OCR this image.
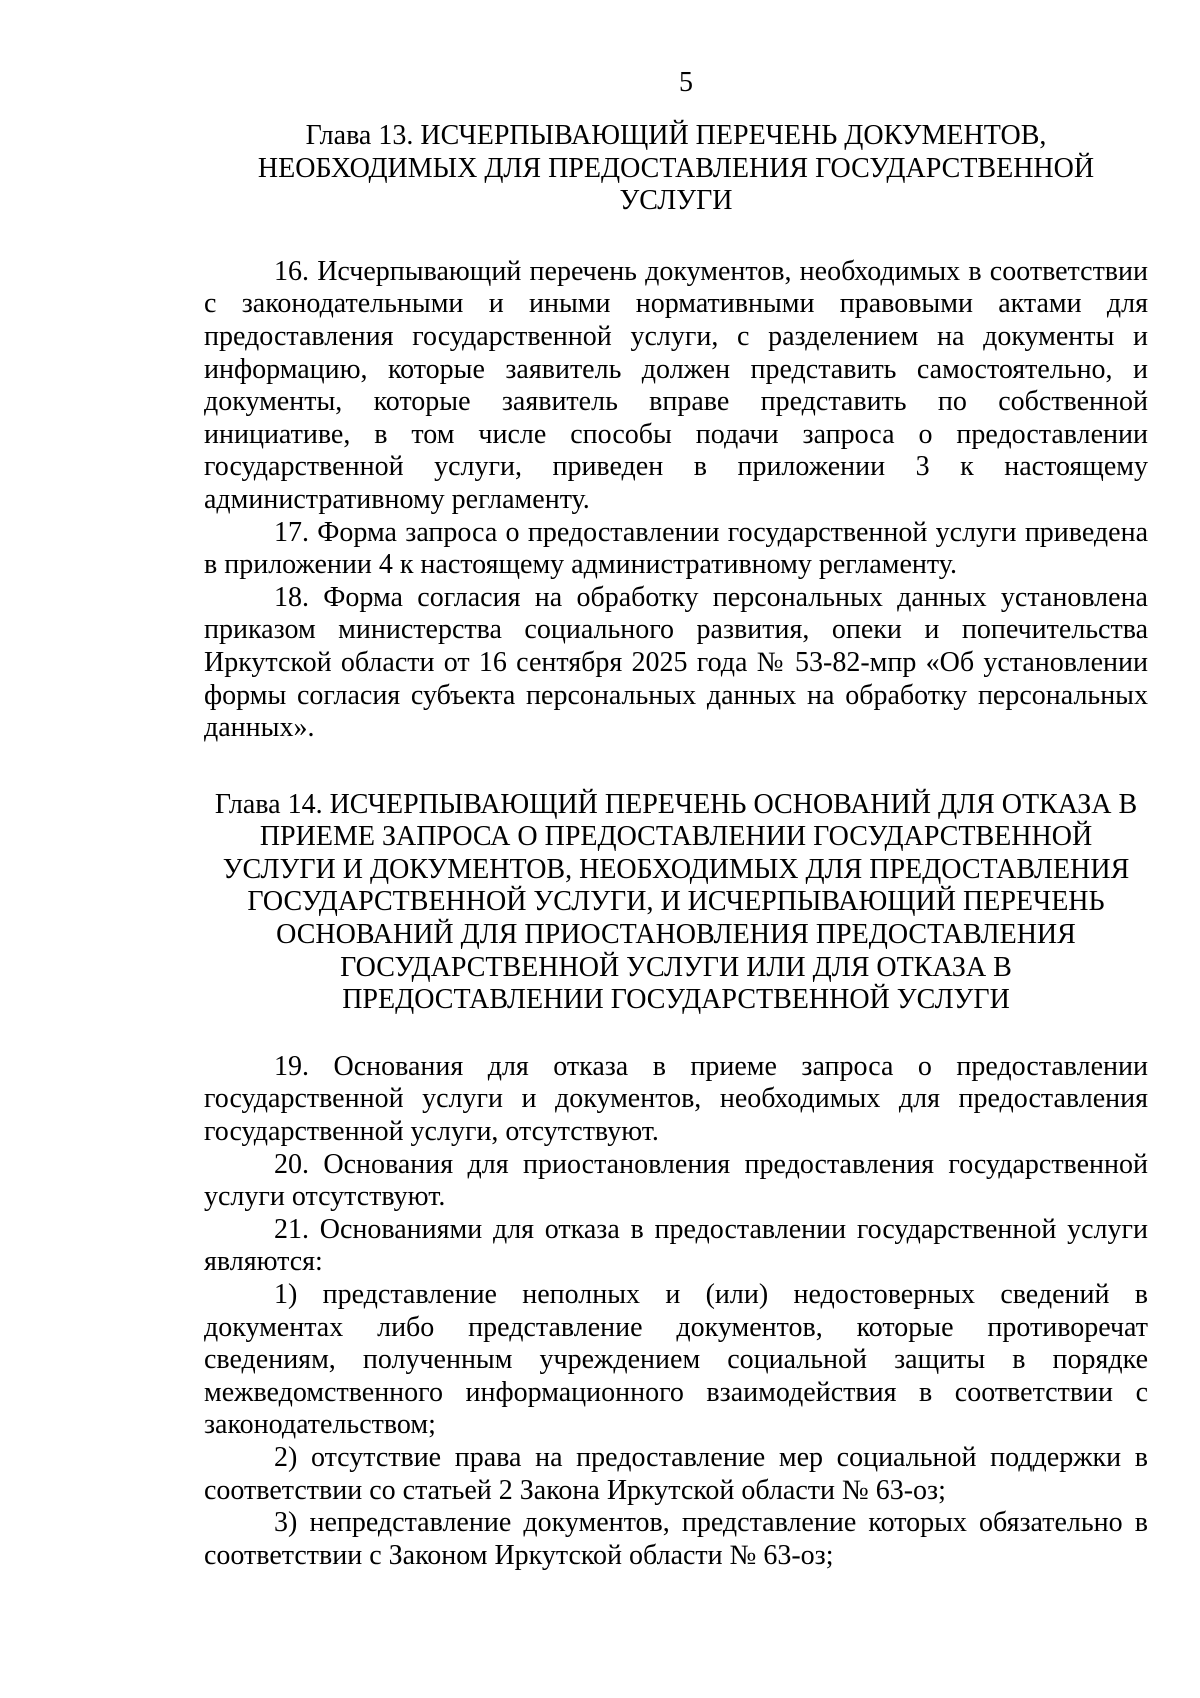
5
Глава 13. ИСЧЕРПЫВАЮЩИЙ ПЕРЕЧЕНЬ ДОКУМЕНТОВ,
НЕОБХОДИМЫХ ДЛЯ ПРЕДОСТАВЛЕНИЯ ГОСУДАРСТВЕННОЙ
УСЛУГИ

16. Исчерпывающий перечень документов, необходимых в соответствии с законодательными и иными нормативными правовыми актами для предоставления государственной услуги, с разделением на документы и информацию, которые заявитель должен представить самостоятельно, и документы, которые заявитель вправе представить по собственной инициативе, в том числе способы подачи запроса о предоставлении государственной услуги, приведен в приложении 3 к настоящему административному регламенту.

17. Форма запроса о предоставлении государственной услуги приведена в приложении 4 к настоящему административному регламенту.

18. Форма согласия на обработку персональных данных установлена приказом министерства социального развития, опеки и попечительства Иркутской области от 16 сентября 2025 года № 53-82-мпр «Об установлении формы согласия субъекта персональных данных на обработку персональных данных».

Глава 14. ИСЧЕРПЫВАЮЩИЙ ПЕРЕЧЕНЬ ОСНОВАНИЙ ДЛЯ ОТКАЗА В
ПРИЕМЕ ЗАПРОСА О ПРЕДОСТАВЛЕНИИ ГОСУДАРСТВЕННОЙ
УСЛУГИ И ДОКУМЕНТОВ, НЕОБХОДИМЫХ ДЛЯ ПРЕДОСТАВЛЕНИЯ
ГОСУДАРСТВЕННОЙ УСЛУГИ, И ИСЧЕРПЫВАЮЩИЙ ПЕРЕЧЕНЬ
ОСНОВАНИЙ ДЛЯ ПРИОСТАНОВЛЕНИЯ ПРЕДОСТАВЛЕНИЯ
ГОСУДАРСТВЕННОЙ УСЛУГИ ИЛИ ДЛЯ ОТКАЗА В
ПРЕДОСТАВЛЕНИИ ГОСУДАРСТВЕННОЙ УСЛУГИ

19. Основания для отказа в приеме запроса о предоставлении государственной услуги и документов, необходимых для предоставления государственной услуги, отсутствуют.

20. Основания для приостановления предоставления государственной услуги отсутствуют.

21. Основаниями для отказа в предоставлении государственной услуги являются:

1) представление неполных и (или) недостоверных сведений в документах либо представление документов, которые противоречат сведениям, полученным учреждением социальной защиты в порядке межведомственного информационного взаимодействия в соответствии с законодательством;

2) отсутствие права на предоставление мер социальной поддержки в соответствии со статьей 2 Закона Иркутской области № 63-оз;

3) непредставление документов, представление которых обязательно в соответствии с Законом Иркутской области № 63-оз;
